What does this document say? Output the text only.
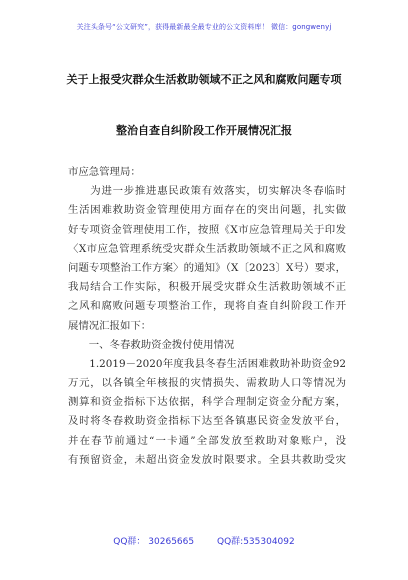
关注头条号“公文研究”，获得最新最全最专业的公文资料库！ 微信：gongwenyj
关于上报受灾群众生活救助领域不正之风和腐败问题专项
整治自查自纠阶段工作开展情况汇报
市应急管理局：
　　为进一步推进惠民政策有效落实，切实解决冬春临时
生活困难救助资金管理使用方面存在的突出问题，扎实做
好专项资金管理使用工作，按照《X市应急管理局关于印发
〈X市应急管理系统受灾群众生活救助领域不正之风和腐败
问题专项整治工作方案〉的通知》（X〔2023〕X号）要求，
我局结合工作实际，积极开展受灾群众生活救助领域不正
之风和腐败问题专项整治工作，现将自查自纠阶段工作开
展情况汇报如下：
　　一、冬春救助资金拨付使用情况
　　1.2019－2020年度我县冬春生活困难救助补助资金92
万元，以各镇全年核报的灾情损失、需救助人口等情况为
测算和资金指标下达依据，科学合理制定资金分配方案，
及时将冬春救助资金指标下达至各镇惠民资金发放平台，
并在春节前通过“一卡通”全部发放至救助对象账户，没
有预留资金，未超出资金发放时限要求。全县共救助受灾
QQ群： 30265665        QQ群:535304092
